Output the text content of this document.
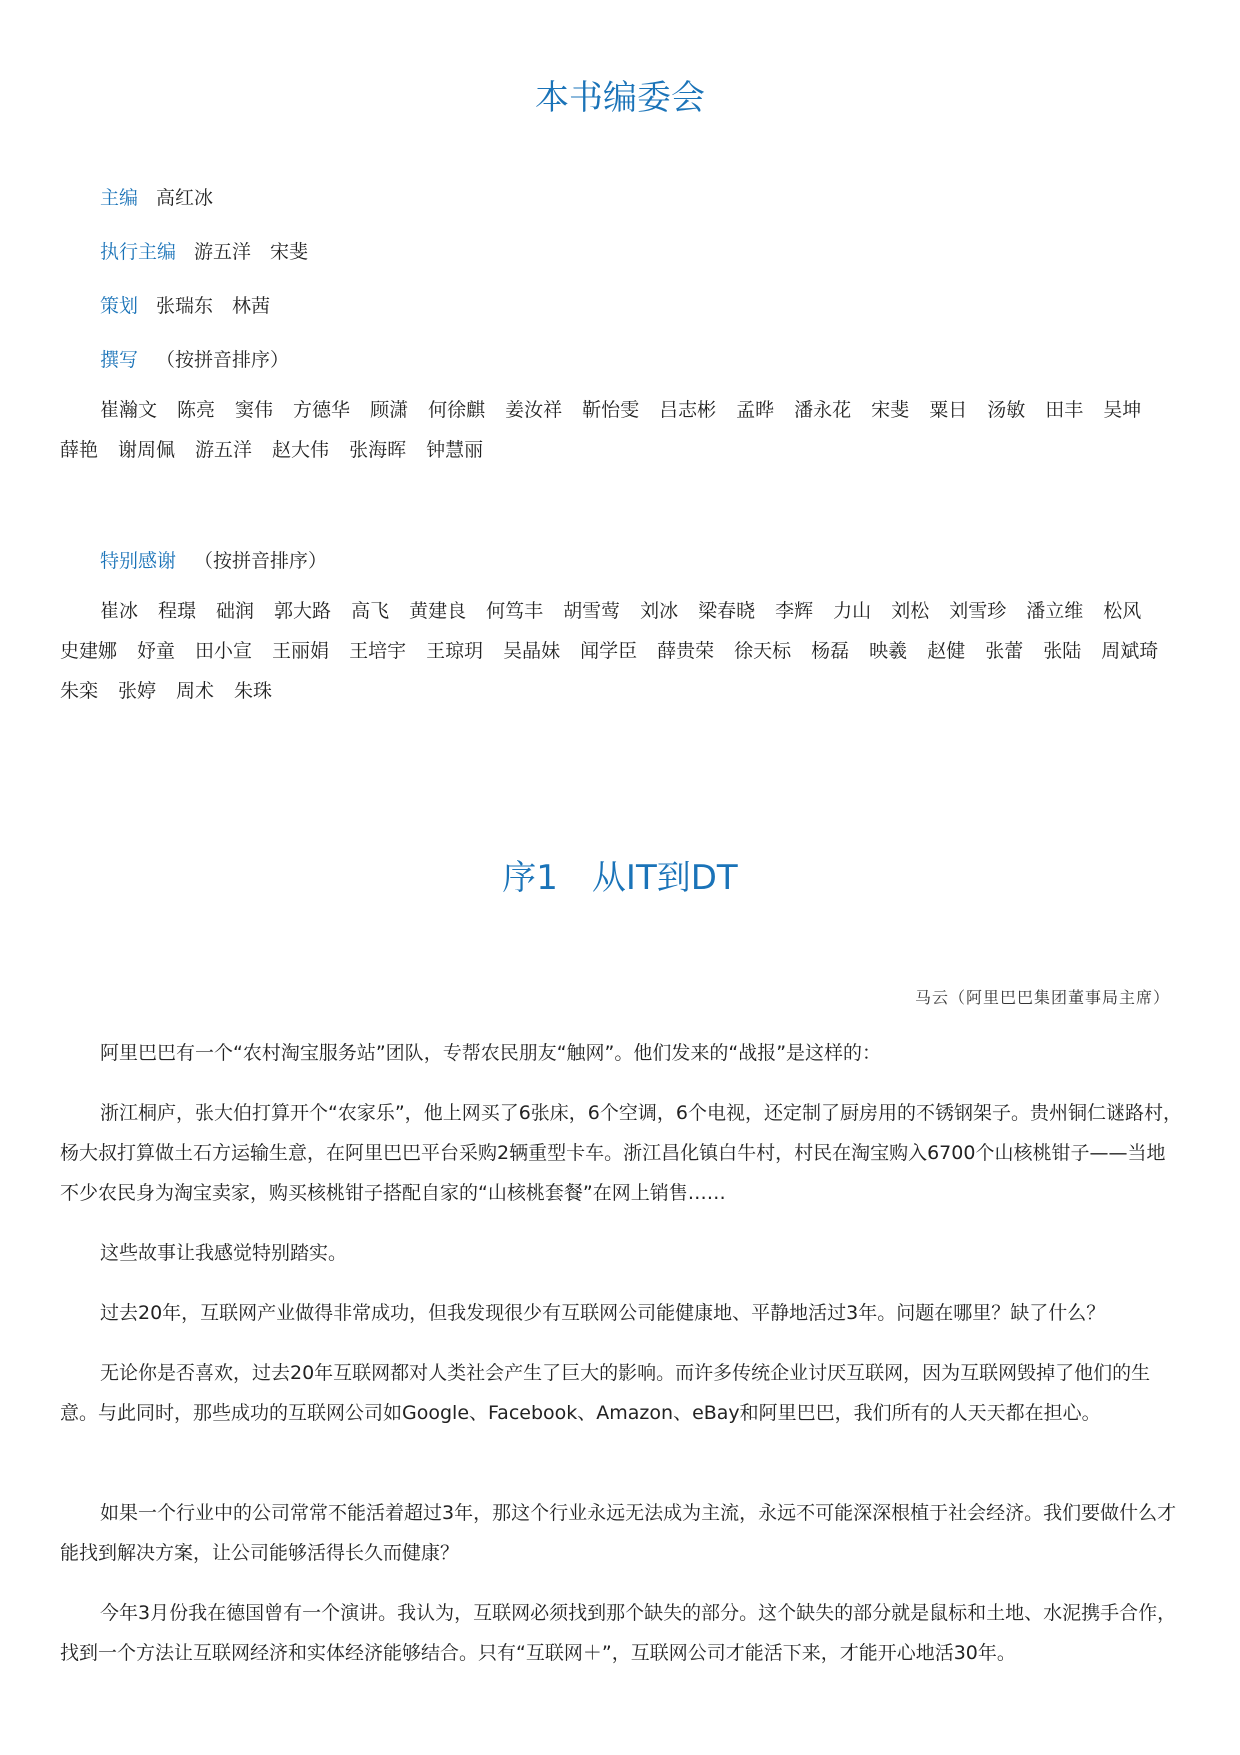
本书编委会
主编 高红冰
执行主编 游五洋　宋斐
策划 张瑞东　林茜
撰写 （按拼音排序）
崔瀚文 陈亮 窦伟 方德华 顾潇 何徐麒 姜汝祥 靳怡雯 吕志彬 孟晔 潘永花 宋斐 粟日 汤敏 田丰 吴坤薛艳 谢周佩 游五洋 赵大伟 张海晖 钟慧丽
特别感谢 （按拼音排序）
崔冰 程璟 础润 郭大路 高飞 黄建良 何笃丰 胡雪莺 刘冰 梁春晓 李辉 力山 刘松 刘雪珍 潘立维 松风史建娜 妤童 田小宣 王丽娟 王培宇 王琼玥 吴晶妹 闻学臣 薛贵荣 徐天标 杨磊 映羲 赵健 张蕾 张陆 周斌琦朱栾 张婷 周术 朱珠
序1　从IT到DT
马云（阿里巴巴集团董事局主席）

阿里巴巴有一个“农村淘宝服务站”团队，专帮农民朋友“触网”。他们发来的“战报”是这样的：

浙江桐庐，张大伯打算开个“农家乐”，他上网买了6张床，6个空调，6个电视，还定制了厨房用的不锈钢架子。贵州铜仁谜路村，杨大叔打算做土石方运输生意，在阿里巴巴平台采购2辆重型卡车。浙江昌化镇白牛村，村民在淘宝购入6700个山核桃钳子——当地不少农民身为淘宝卖家，购买核桃钳子搭配自家的“山核桃套餐”在网上销售……

这些故事让我感觉特别踏实。

过去20年，互联网产业做得非常成功，但我发现很少有互联网公司能健康地、平静地活过3年。问题在哪里？缺了什么？

无论你是否喜欢，过去20年互联网都对人类社会产生了巨大的影响。而许多传统企业讨厌互联网，因为互联网毁掉了他们的生意。与此同时，那些成功的互联网公司如Google、Facebook、Amazon、eBay和阿里巴巴，我们所有的人天天都在担心。

如果一个行业中的公司常常不能活着超过3年，那这个行业永远无法成为主流，永远不可能深深根植于社会经济。我们要做什么才能找到解决方案，让公司能够活得长久而健康？

今年3月份我在德国曾有一个演讲。我认为，互联网必须找到那个缺失的部分。这个缺失的部分就是鼠标和土地、水泥携手合作，找到一个方法让互联网经济和实体经济能够结合。只有“互联网＋”，互联网公司才能活下来，才能开心地活30年。
